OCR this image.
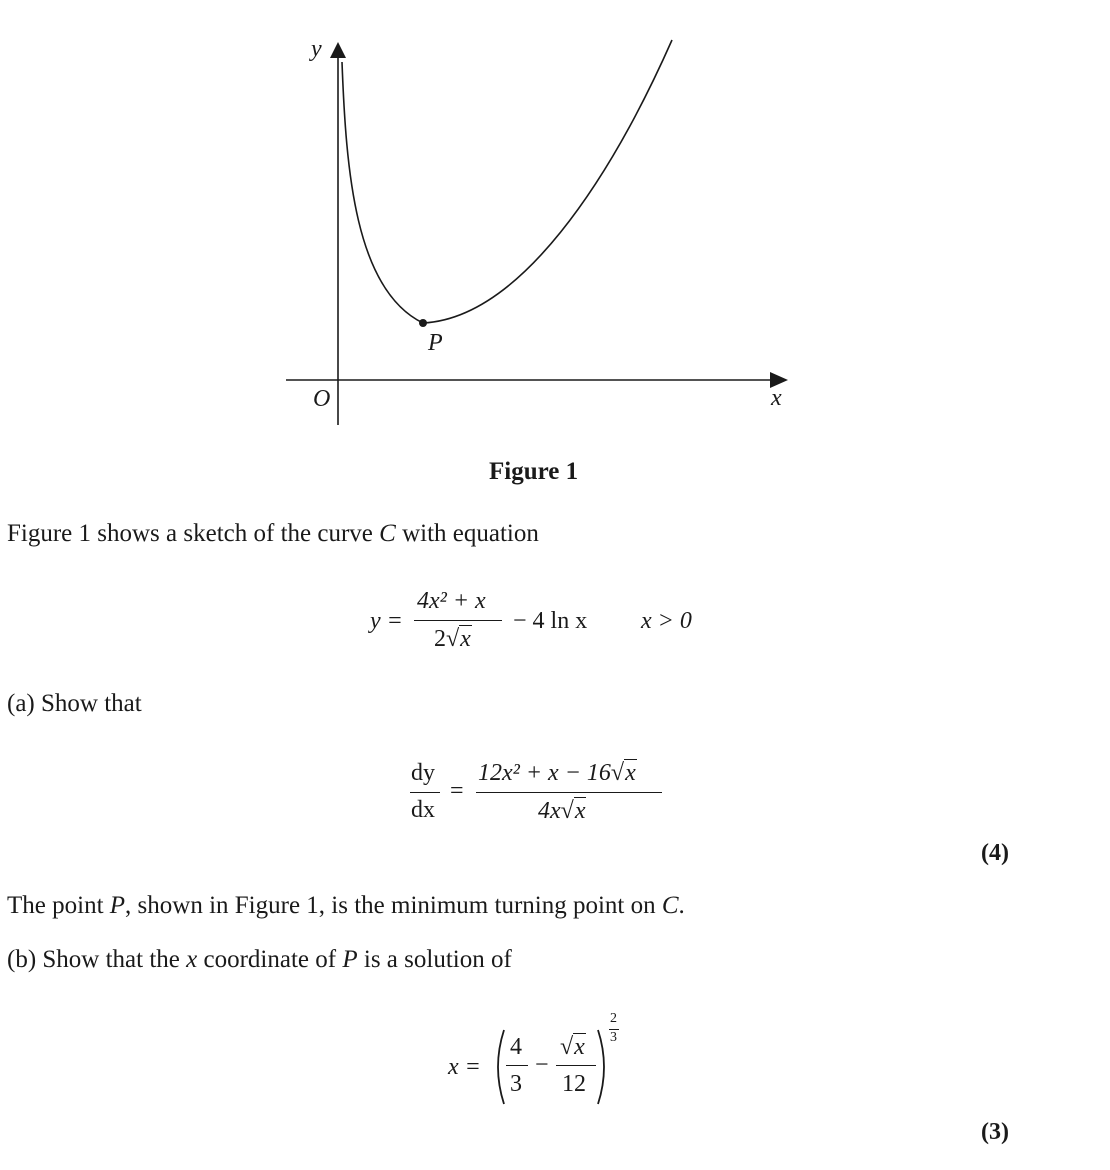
y
x
O
P
Figure 1
Figure 1 shows a sketch of the curve C with equation
y =
4x² + x
2√x
− 4 ln x x > 0
(a) Show that
dy
dx
=
12x² + x − 16√x
4x√x
(4)
The point P, shown in Figure 1, is the minimum turning point on C.
(b) Show that the x coordinate of P is a solution of
x =
4
3
−
√x
12
2
3
(3)
